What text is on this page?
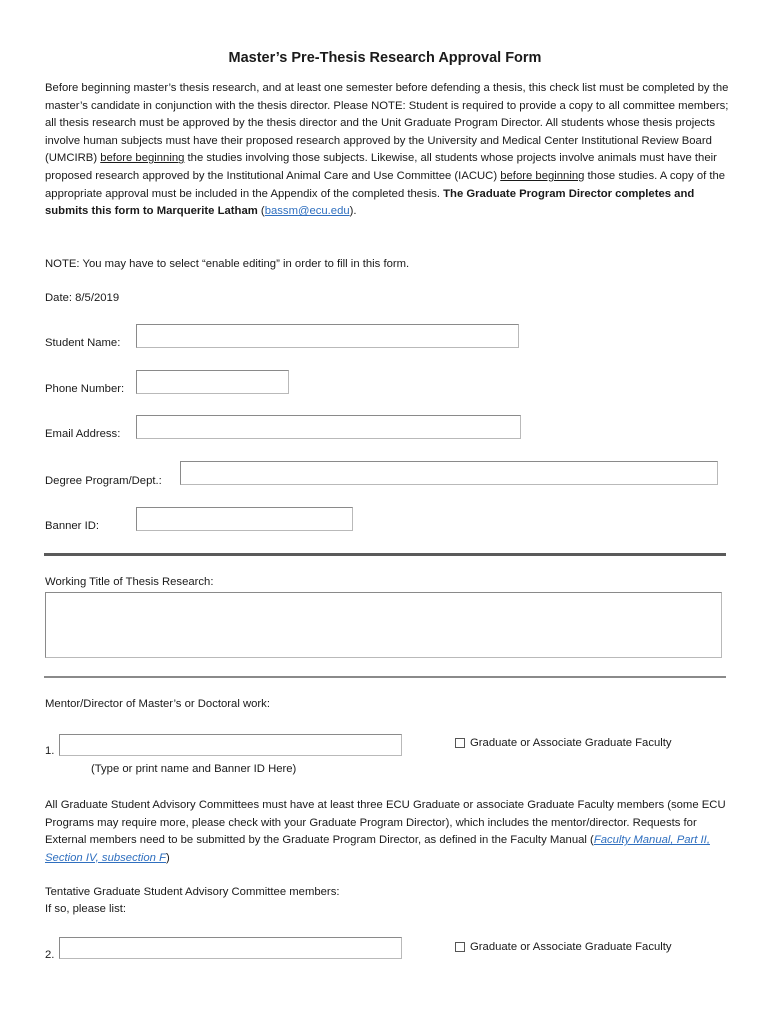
Master’s Pre-Thesis Research Approval Form
Before beginning master’s thesis research, and at least one semester before defending a thesis, this check list must be completed by the master’s candidate in conjunction with the thesis director. Please NOTE: Student is required to provide a copy to all committee members; all thesis research must be approved by the thesis director and the Unit Graduate Program Director. All students whose thesis projects involve human subjects must have their proposed research approved by the University and Medical Center Institutional Review Board (UMCIRB) before beginning the studies involving those subjects. Likewise, all students whose projects involve animals must have their proposed research approved by the Institutional Animal Care and Use Committee (IACUC) before beginning those studies. A copy of the appropriate approval must be included in the Appendix of the completed thesis. The Graduate Program Director completes and submits this form to Marquerite Latham (bassm@ecu.edu).
NOTE: You may have to select “enable editing” in order to fill in this form.
Date: 8/5/2019
Student Name:
Phone Number:
Email Address:
Degree Program/Dept.:
Banner ID:
Working Title of Thesis Research:
Mentor/Director of Master’s or Doctoral work:
1.
Graduate or Associate Graduate Faculty
(Type or print name and Banner ID Here)
All Graduate Student Advisory Committees must have at least three ECU Graduate or associate Graduate Faculty members (some ECU Programs may require more, please check with your Graduate Program Director), which includes the mentor/director. Requests for External members need to be submitted by the Graduate Program Director, as defined in the Faculty Manual (Faculty Manual, Part II, Section IV, subsection F)
Tentative Graduate Student Advisory Committee members:
If so, please list:
2.
Graduate or Associate Graduate Faculty
